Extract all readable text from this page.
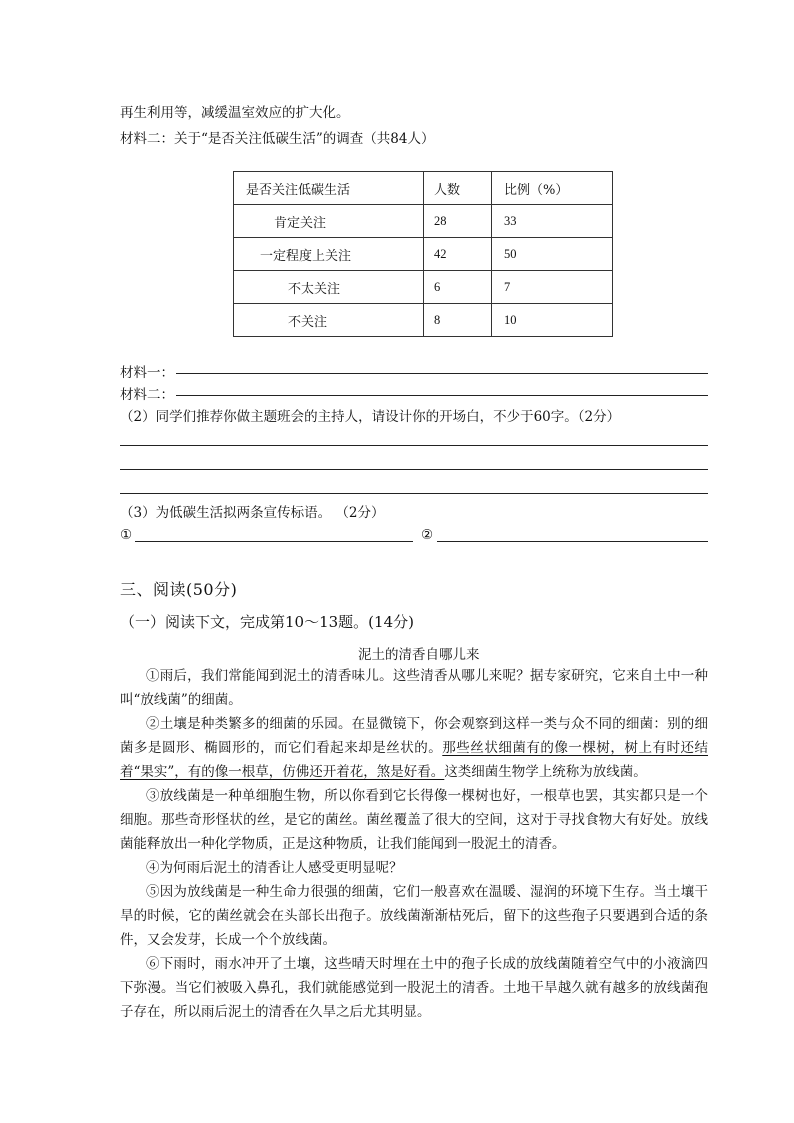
再生利用等，减缓温室效应的扩大化。
材料二：关于“是否关注低碳生活”的调查（共84人）
是否关注低碳生活	人数	比例（%）
肯定关注	28	33
一定程度上关注	42	50
不太关注	6	7
不关注	8	10
材料一：
材料二：
（2）同学们推荐你做主题班会的主持人，请设计你的开场白，不少于60字。（2分）
（3）为低碳生活拟两条宣传标语。 （2分）
①	②
三、阅读(50分)
（一）阅读下文，完成第10～13题。(14分)
泥土的清香自哪儿来
①雨后，我们常能闻到泥土的清香味儿。这些清香从哪儿来呢？据专家研究，它来自土中一种叫“放线菌”的细菌。
②土壤是种类繁多的细菌的乐园。在显微镜下，你会观察到这样一类与众不同的细菌：别的细菌多是圆形、椭圆形的，而它们看起来却是丝状的。那些丝状细菌有的像一棵树，树上有时还结着“果实”，有的像一根草，仿佛还开着花，煞是好看。这类细菌生物学上统称为放线菌。
③放线菌是一种单细胞生物，所以你看到它长得像一棵树也好，一根草也罢，其实都只是一个细胞。那些奇形怪状的丝，是它的菌丝。菌丝覆盖了很大的空间，这对于寻找食物大有好处。放线菌能释放出一种化学物质，正是这种物质，让我们能闻到一股泥土的清香。
④为何雨后泥土的清香让人感受更明显呢？
⑤因为放线菌是一种生命力很强的细菌，它们一般喜欢在温暖、湿润的环境下生存。当土壤干旱的时候，它的菌丝就会在头部长出孢子。放线菌渐渐枯死后，留下的这些孢子只要遇到合适的条件，又会发芽，长成一个个放线菌。
⑥下雨时，雨水冲开了土壤，这些晴天时埋在土中的孢子长成的放线菌随着空气中的小液滴四下弥漫。当它们被吸入鼻孔，我们就能感觉到一股泥土的清香。土地干旱越久就有越多的放线菌孢子存在，所以雨后泥土的清香在久旱之后尤其明显。
